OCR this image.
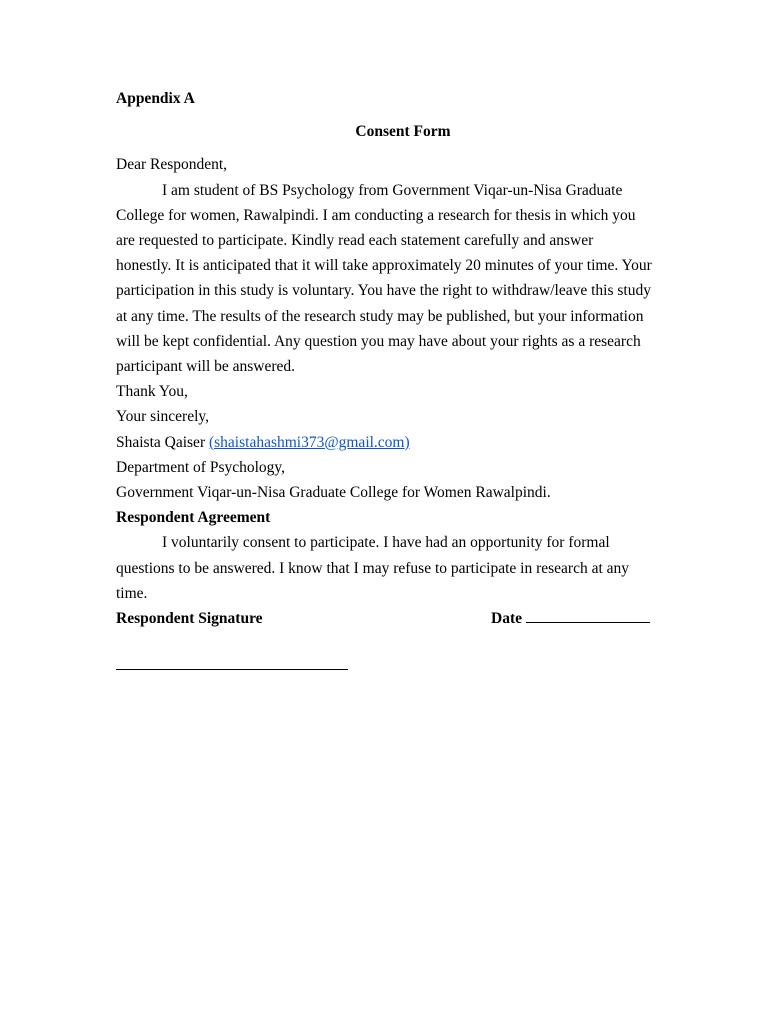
Appendix A
Consent Form
Dear Respondent,
I am student of BS Psychology from Government Viqar-un-Nisa Graduate
College for women, Rawalpindi. I am conducting a research for thesis in which you
are requested to participate. Kindly read each statement carefully and answer
honestly. It is anticipated that it will take approximately 20 minutes of your time. Your
participation in this study is voluntary. You have the right to withdraw/leave this study
at any time. The results of the research study may be published, but your information
will be kept confidential. Any question you may have about your rights as a research
participant will be answered.
Thank You,
Your sincerely,
Shaista Qaiser (shaistahashmi373@gmail.com)
Department of Psychology,
Government Viqar-un-Nisa Graduate College for Women Rawalpindi.
Respondent Agreement
I voluntarily consent to participate. I have had an opportunity for formal
questions to be answered. I know that I may refuse to participate in research at any
time.
Respondent Signature	Date
